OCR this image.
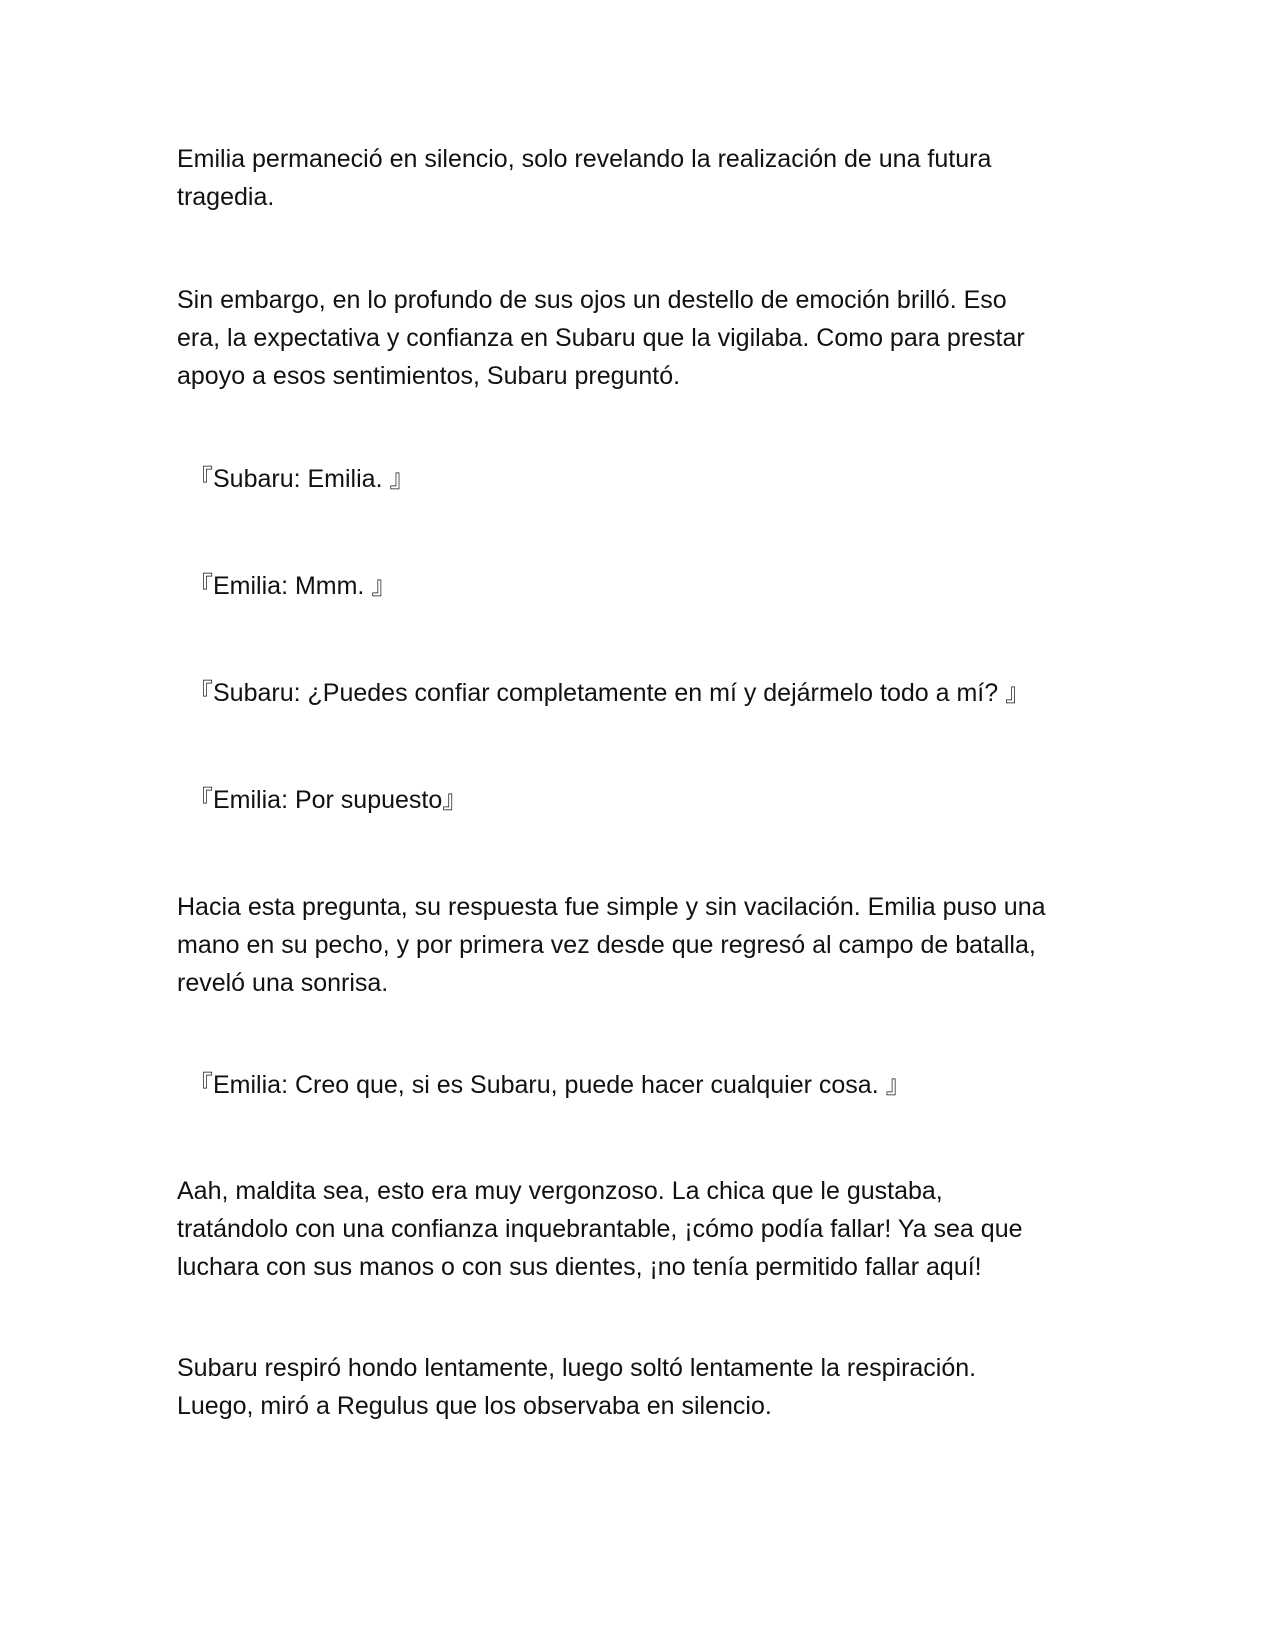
Emilia permaneció en silencio, solo revelando la realización de una futura
tragedia.

Sin embargo, en lo profundo de sus ojos un destello de emoción brilló. Eso
era, la expectativa y confianza en Subaru que la vigilaba. Como para prestar
apoyo a esos sentimientos, Subaru preguntó.

『Subaru: Emilia. 』

『Emilia: Mmm. 』

『Subaru: ¿Puedes confiar completamente en mí y dejármelo todo a mí? 』

『Emilia: Por supuesto』

Hacia esta pregunta, su respuesta fue simple y sin vacilación. Emilia puso una
mano en su pecho, y por primera vez desde que regresó al campo de batalla,
reveló una sonrisa.

『Emilia: Creo que, si es Subaru, puede hacer cualquier cosa. 』

Aah, maldita sea, esto era muy vergonzoso. La chica que le gustaba,
tratándolo con una confianza inquebrantable, ¡cómo podía fallar! Ya sea que
luchara con sus manos o con sus dientes, ¡no tenía permitido fallar aquí!

Subaru respiró hondo lentamente, luego soltó lentamente la respiración.
Luego, miró a Regulus que los observaba en silencio.
